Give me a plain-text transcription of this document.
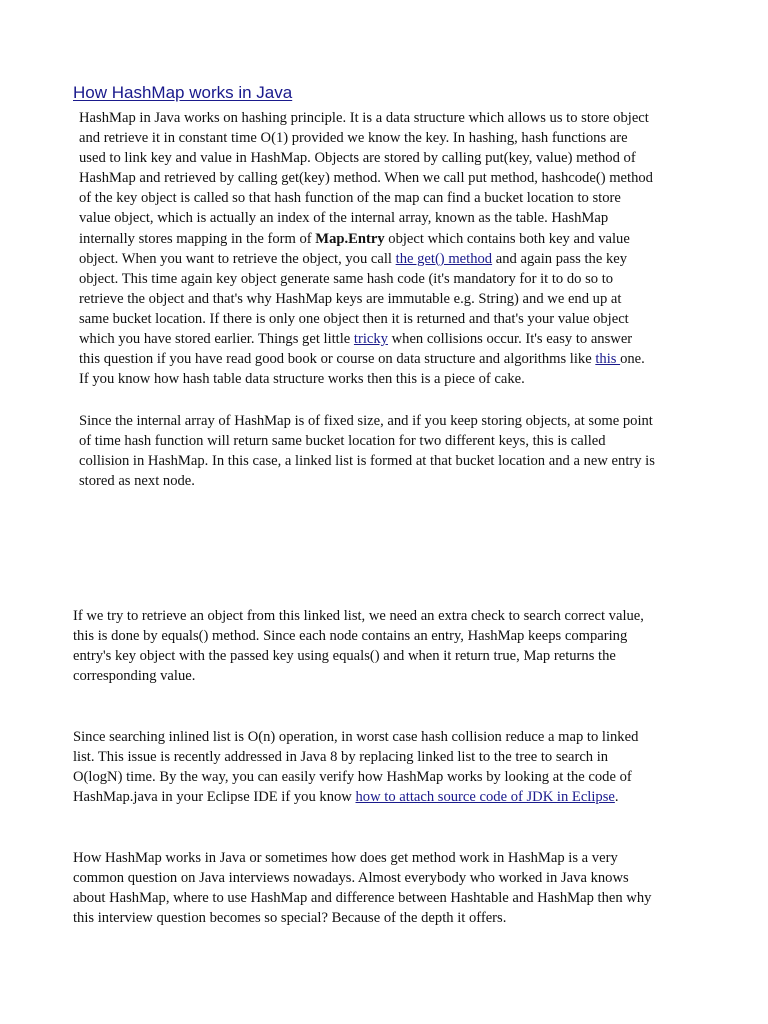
How HashMap works in Java

HashMap in Java works on hashing principle. It is a data structure which allows us to store object
and retrieve it in constant time O(1) provided we know the key. In hashing, hash functions are
used to link key and value in HashMap. Objects are stored by calling put(key, value) method of
HashMap and retrieved by calling get(key) method. When we call put method, hashcode() method
of the key object is called so that hash function of the map can find a bucket location to store
value object, which is actually an index of the internal array, known as the table. HashMap
internally stores mapping in the form of Map.Entry object which contains both key and value
object. When you want to retrieve the object, you call the get() method and again pass the key
object. This time again key object generate same hash code (it's mandatory for it to do so to
retrieve the object and that's why HashMap keys are immutable e.g. String) and we end up at
same bucket location. If there is only one object then it is returned and that's your value object
which you have stored earlier. Things get little tricky when collisions occur. It's easy to answer
this question if you have read good book or course on data structure and algorithms like this one.
If you know how hash table data structure works then this is a piece of cake.

Since the internal array of HashMap is of fixed size, and if you keep storing objects, at some point
of time hash function will return same bucket location for two different keys, this is called
collision in HashMap. In this case, a linked list is formed at that bucket location and a new entry is
stored as next node.

If we try to retrieve an object from this linked list, we need an extra check to search correct value,
this is done by equals() method. Since each node contains an entry, HashMap keeps comparing
entry's key object with the passed key using equals() and when it return true, Map returns the
corresponding value.

Since searching inlined list is O(n) operation, in worst case hash collision reduce a map to linked
list. This issue is recently addressed in Java 8 by replacing linked list to the tree to search in
O(logN) time. By the way, you can easily verify how HashMap works by looking at the code of
HashMap.java in your Eclipse IDE if you know how to attach source code of JDK in Eclipse.

How HashMap works in Java or sometimes how does get method work in HashMap is a very
common question on Java interviews nowadays. Almost everybody who worked in Java knows
about HashMap, where to use HashMap and difference between Hashtable and HashMap then why
this interview question becomes so special? Because of the depth it offers.
